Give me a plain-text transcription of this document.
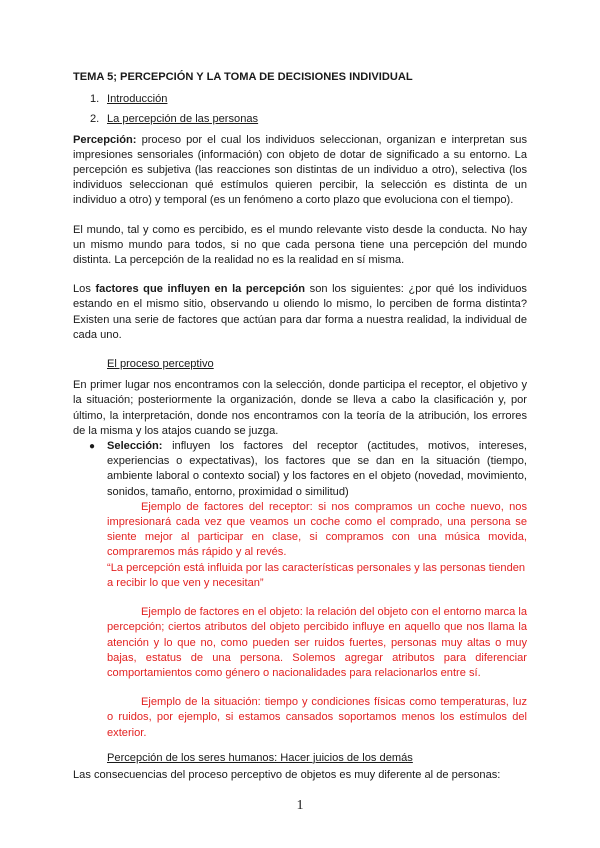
TEMA 5; PERCEPCIÓN Y LA TOMA DE DECISIONES INDIVIDUAL
1. Introducción
2. La percepción de las personas

Percepción: proceso por el cual los individuos seleccionan, organizan e interpretan sus impresiones sensoriales (información) con objeto de dotar de significado a su entorno. La percepción es subjetiva (las reacciones son distintas de un individuo a otro), selectiva (los individuos seleccionan qué estímulos quieren percibir, la selección es distinta de un individuo a otro) y temporal (es un fenómeno a corto plazo que evoluciona con el tiempo).

El mundo, tal y como es percibido, es el mundo relevante visto desde la conducta. No hay un mismo mundo para todos, si no que cada persona tiene una percepción del mundo distinta. La percepción de la realidad no es la realidad en sí misma.

Los factores que influyen en la percepción son los siguientes: ¿por qué los individuos estando en el mismo sitio, observando u oliendo lo mismo, lo perciben de forma distinta? Existen una serie de factores que actúan para dar forma a nuestra realidad, la individual de cada uno.

El proceso perceptivo

En primer lugar nos encontramos con la selección, donde participa el receptor, el objetivo y la situación; posteriormente la organización, donde se lleva a cabo la clasificación y, por último, la interpretación, donde nos encontramos con la teoría de la atribución, los errores de la misma y los atajos cuando se juzga.

● Selección: influyen los factores del receptor (actitudes, motivos, intereses, experiencias o expectativas), los factores que se dan en la situación (tiempo, ambiente laboral o contexto social) y los factores en el objeto (novedad, movimiento, sonidos, tamaño, entorno, proximidad o similitud)

Ejemplo de factores del receptor: si nos compramos un coche nuevo, nos impresionará cada vez que veamos un coche como el comprado, una persona se siente mejor al participar en clase, si compramos con una música movida, compraremos más rápido y al revés.

“La percepción está influida por las características personales y las personas tienden a recibir lo que ven y necesitan”

Ejemplo de factores en el objeto: la relación del objeto con el entorno marca la percepción; ciertos atributos del objeto percibido influye en aquello que nos llama la atención y lo que no, como pueden ser ruidos fuertes, personas muy altas o muy bajas, estatus de una persona. Solemos agregar atributos para diferenciar comportamientos como género o nacionalidades para relacionarlos entre sí.

Ejemplo de la situación: tiempo y condiciones físicas como temperaturas, luz o ruidos, por ejemplo, si estamos cansados soportamos menos los estímulos del exterior.

Percepción de los seres humanos: Hacer juicios de los demás

Las consecuencias del proceso perceptivo de objetos es muy diferente al de personas:

1
